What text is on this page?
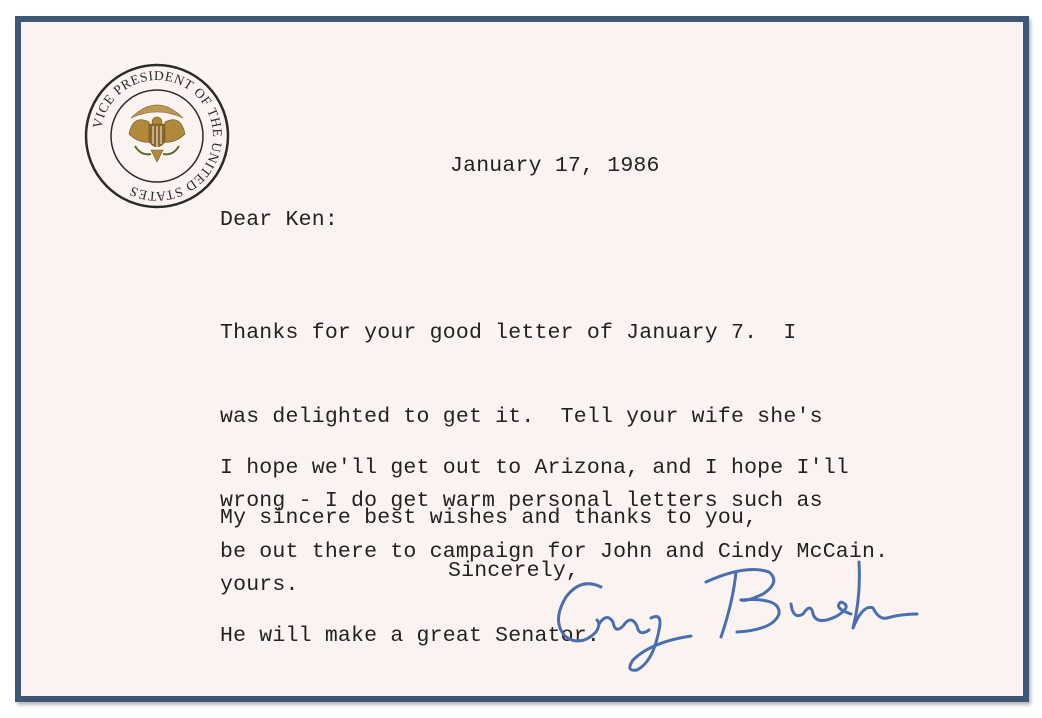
VICE PRESIDENT OF THE UNITED STATES
January 17, 1986
Dear Ken:

Thanks for your good letter of January 7.  I

was delighted to get it.  Tell your wife she's

wrong - I do get warm personal letters such as

yours.

I hope we'll get out to Arizona, and I hope I'll

be out there to campaign for John and Cindy McCain.

He will make a great Senator.

My sincere best wishes and thanks to you,
Sincerely,
